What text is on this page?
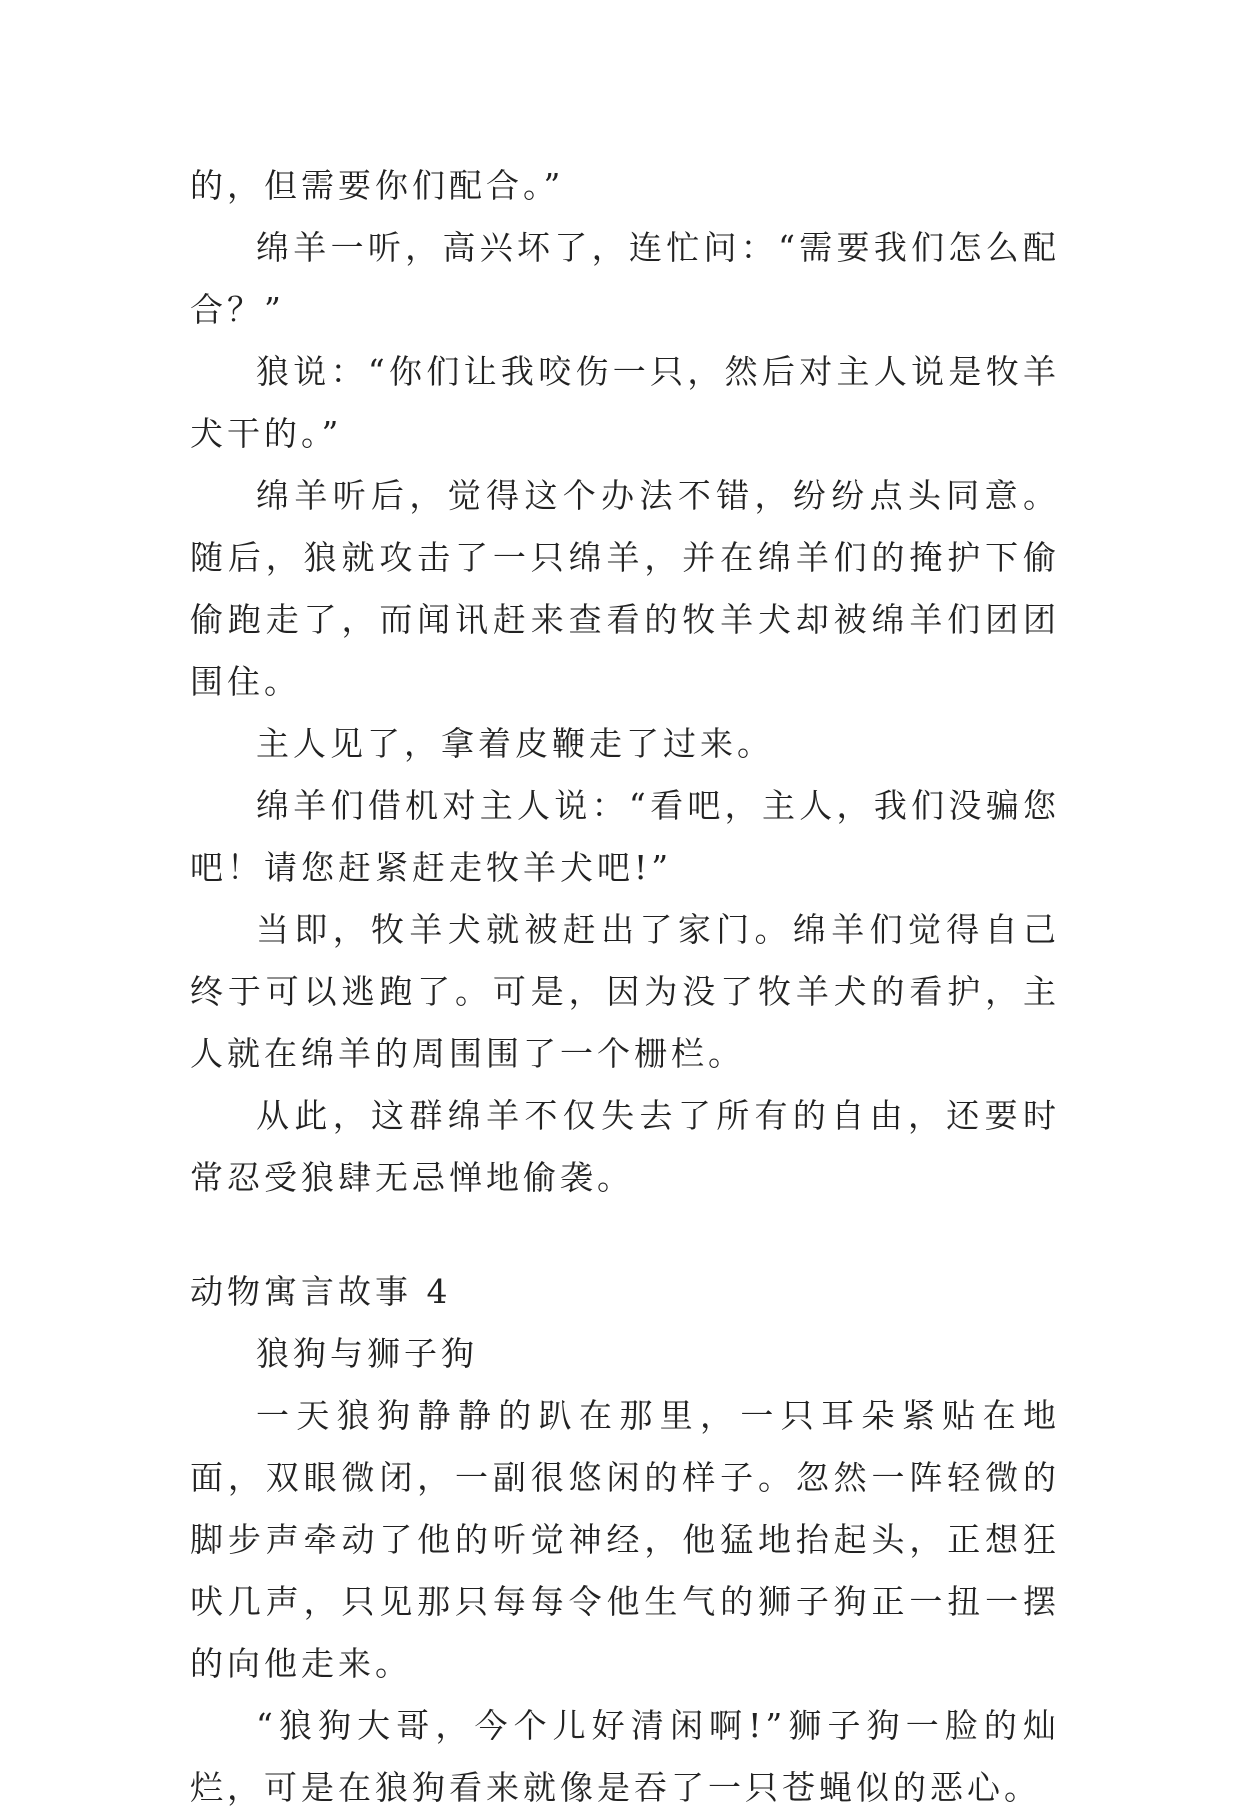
的，但需要你们配合。”

绵羊一听，高兴坏了，连忙问：“需要我们怎么配合？”

狼说：“你们让我咬伤一只，然后对主人说是牧羊犬干的。”

绵羊听后，觉得这个办法不错，纷纷点头同意。随后，狼就攻击了一只绵羊，并在绵羊们的掩护下偷偷跑走了，而闻讯赶来查看的牧羊犬却被绵羊们团团围住。

主人见了，拿着皮鞭走了过来。

绵羊们借机对主人说：“看吧，主人，我们没骗您吧！请您赶紧赶走牧羊犬吧!”

当即，牧羊犬就被赶出了家门。绵羊们觉得自己终于可以逃跑了。可是，因为没了牧羊犬的看护，主人就在绵羊的周围围了一个栅栏。

从此，这群绵羊不仅失去了所有的自由，还要时常忍受狼肆无忌惮地偷袭。

动物寓言故事 4

狼狗与狮子狗

一天狼狗静静的趴在那里，一只耳朵紧贴在地面，双眼微闭，一副很悠闲的样子。忽然一阵轻微的脚步声牵动了他的听觉神经，他猛地抬起头，正想狂吠几声，只见那只每每令他生气的狮子狗正一扭一摆的向他走来。

“狼狗大哥，今个儿好清闲啊!”狮子狗一脸的灿烂，可是在狼狗看来就像是吞了一只苍蝇似的恶心。
